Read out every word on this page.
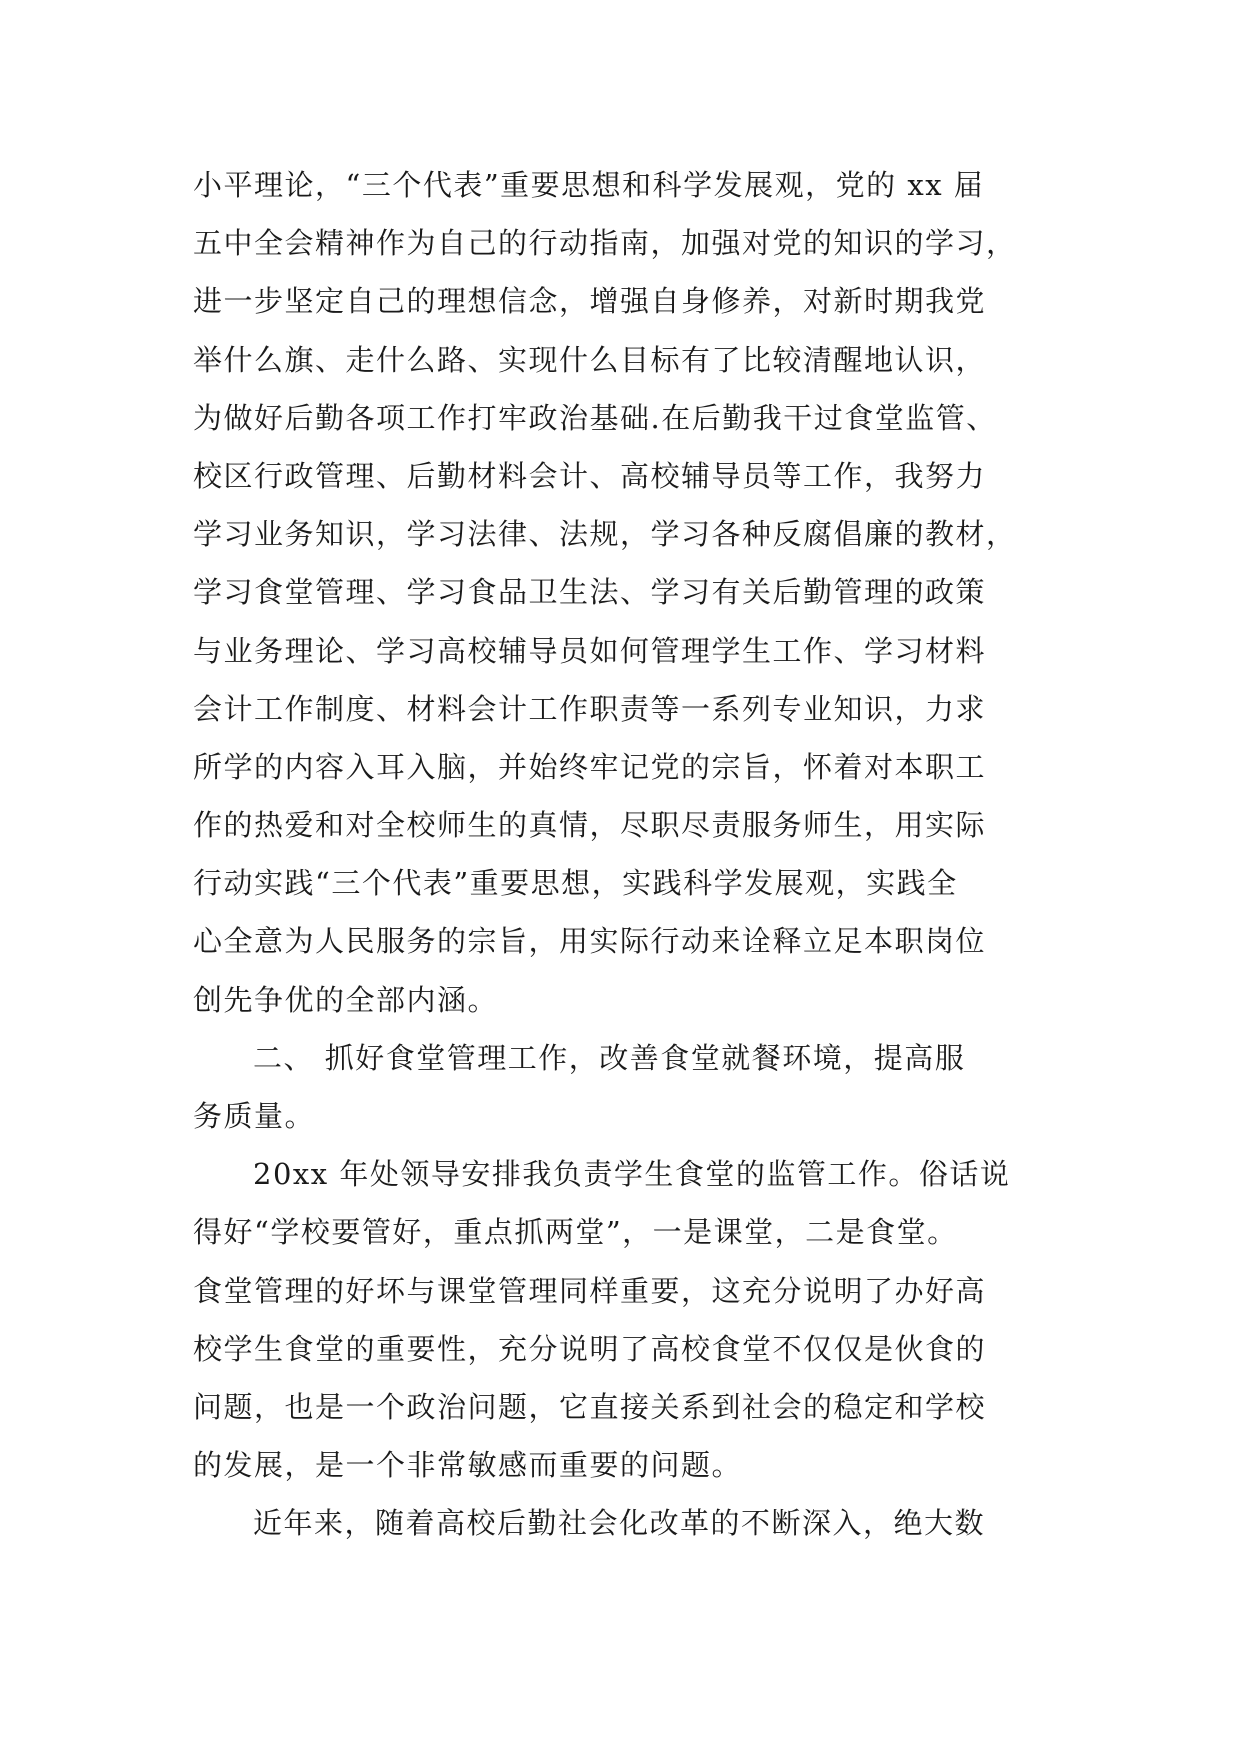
小平理论，“三个代表”重要思想和科学发展观，党的 xx 届
五中全会精神作为自己的行动指南，加强对党的知识的学习，
进一步坚定自己的理想信念，增强自身修养，对新时期我党
举什么旗、走什么路、实现什么目标有了比较清醒地认识，
为做好后勤各项工作打牢政治基础.在后勤我干过食堂监管、
校区行政管理、后勤材料会计、高校辅导员等工作，我努力
学习业务知识，学习法律、法规，学习各种反腐倡廉的教材，
学习食堂管理、学习食品卫生法、学习有关后勤管理的政策
与业务理论、学习高校辅导员如何管理学生工作、学习材料
会计工作制度、材料会计工作职责等一系列专业知识，力求
所学的内容入耳入脑，并始终牢记党的宗旨，怀着对本职工
作的热爱和对全校师生的真情，尽职尽责服务师生，用实际
行动实践“三个代表”重要思想，实践科学发展观，实践全
心全意为人民服务的宗旨，用实际行动来诠释立足本职岗位
创先争优的全部内涵。
二、 抓好食堂管理工作，改善食堂就餐环境，提高服
务质量。
20xx 年处领导安排我负责学生食堂的监管工作。俗话说
得好“学校要管好，重点抓两堂”，一是课堂，二是食堂。
食堂管理的好坏与课堂管理同样重要，这充分说明了办好高
校学生食堂的重要性，充分说明了高校食堂不仅仅是伙食的
问题，也是一个政治问题，它直接关系到社会的稳定和学校
的发展，是一个非常敏感而重要的问题。
近年来，随着高校后勤社会化改革的不断深入，绝大数
